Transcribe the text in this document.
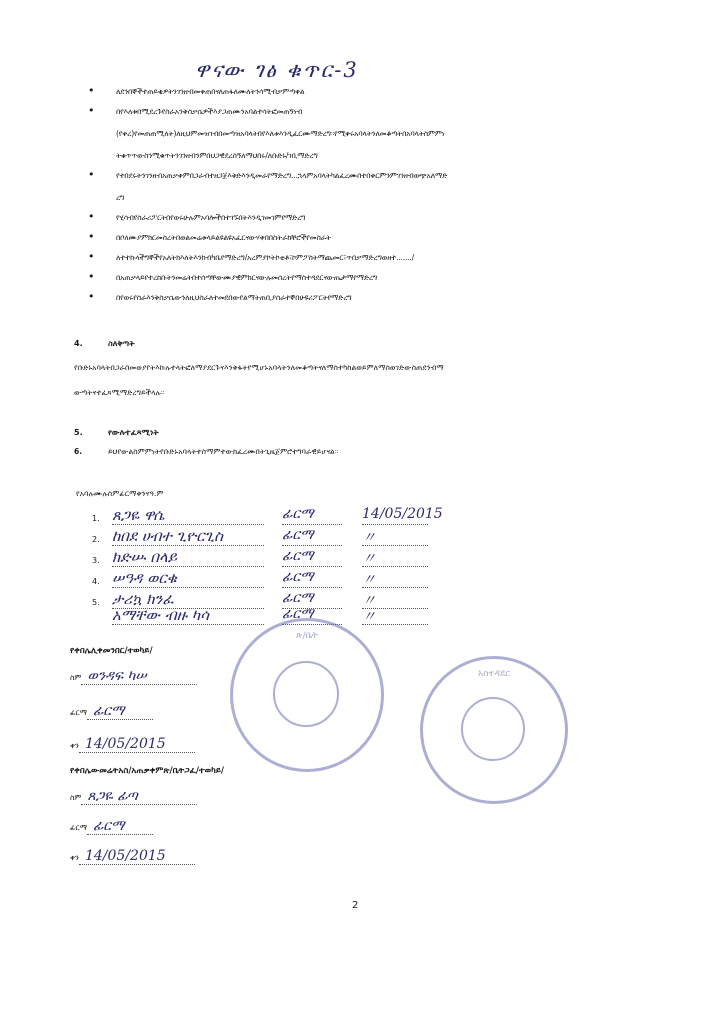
ዋናው ገፅ ቁጥር-3
• ለደንበኞችተጠይቂዎትንገንዘብመቀጠበናለጠፋለሙለትንሳሚብቃምጣቀል
• በየእለቱበሚደረጉየስራአንቅስቃሴዎችእያጋጠሙንአባልተሳትፎመጠኝነብ
(የቀረ)የመጠጠሚለት)ለዚህምመዝገብበመጣዝአባላትበየእለቱእንዲፈርሙማድረግ።የሚቀሩአባላትንለመቆጣትበአባላትስምምነ
ትቁጥጥውስንሚቁጥትንገንዘብንምበህጋዊደረሰኝለማህበሩ/ለቡድኑ/ገቢማድረግ
• የተበደሩትንገንዘብአጠቃቀምበጋራብተዘጋጀእቅድእንዲመራየማድረግ...ኋላምአባላትካልፈረሙበተበቀርምንምገንዘብወጭአለማድ
ረግ
• የሂሳብየስራሪፖርትበየወሩሁሉምአባሎችበተገኙበትእንዲገመገምየማድረግ
• በቦለሙያምክርመስረትበወልመሬቱላይልዩልዩአፈርናውሃቀበበስትራክቸሮችየመስራት
• ለተተኩላችግኞችየአለትክእለትእንክብካቤየማድረግ/አረምያኮትኮቲቶ፣ኮምፖስትማጨመር፣ጥበቃማድረግወዘተ......./
• በአጠቃላይየተረከቡትንመሬትበተሰጣቸውሙያዊምክርናውሉመሰረትየማስተዳደርናውጤታማየማድረግ
• በየወሩየስራእንቅስቃሴውንለዚህስራለተመደበውየልማትጠቢያሰራተኞበሁዩሪፖርትየማድረግ
4.	ስለቅጣት
የቡድኑአባላትበጋራበመወያየትእኩሉተላትፎለማያደርጉናእንቅፋትየሚሆኑአባላትንለመቆጣትናለማስተካከልወይምለማስወገድውስጠደንብማ
ውጣትናተፈጻሚማድረግይችላሉ።
5.	የውሉተፈጻሚነት
6.	ይህየውልስምምነትየቡድኑአባላትተስማምተውከፈረሙበትጊዜጀምሮተግባራዊይሆናል።
የአባሉሙሉስምፊርማቀንናዓ.ም
1. ጸጋዬ ዋሴ	ፊርማ	14/05/2015
2. ከበደ ሀብተ ጊዮርጊስ	ፊርማ	〃
3. ክድሡ በላይ	ፊርማ	〃
4. ሠዓዳ ወርቁ	ፊርማ	〃
5. ታሪኳ ክንፈ	ፊርማ	〃
አማቸው ብዙ ካሳ	ፊርማ	〃
የቀበሌሊቀመንበር/ተወካይ/
ስም ወንዳፍ ካሠ
ፊርማ ፊርማ
ቀን 14/05/2015
የቀበሌውመሬትአስ/አጠቃቀምጽ/ቤትጋፈ/ተወካይ/
ስም ጸጋዬ ፊጣ
ፊርማ ፊርማ
ቀን 14/05/2015
ጽ/ቤት
አስተዳደር
2
